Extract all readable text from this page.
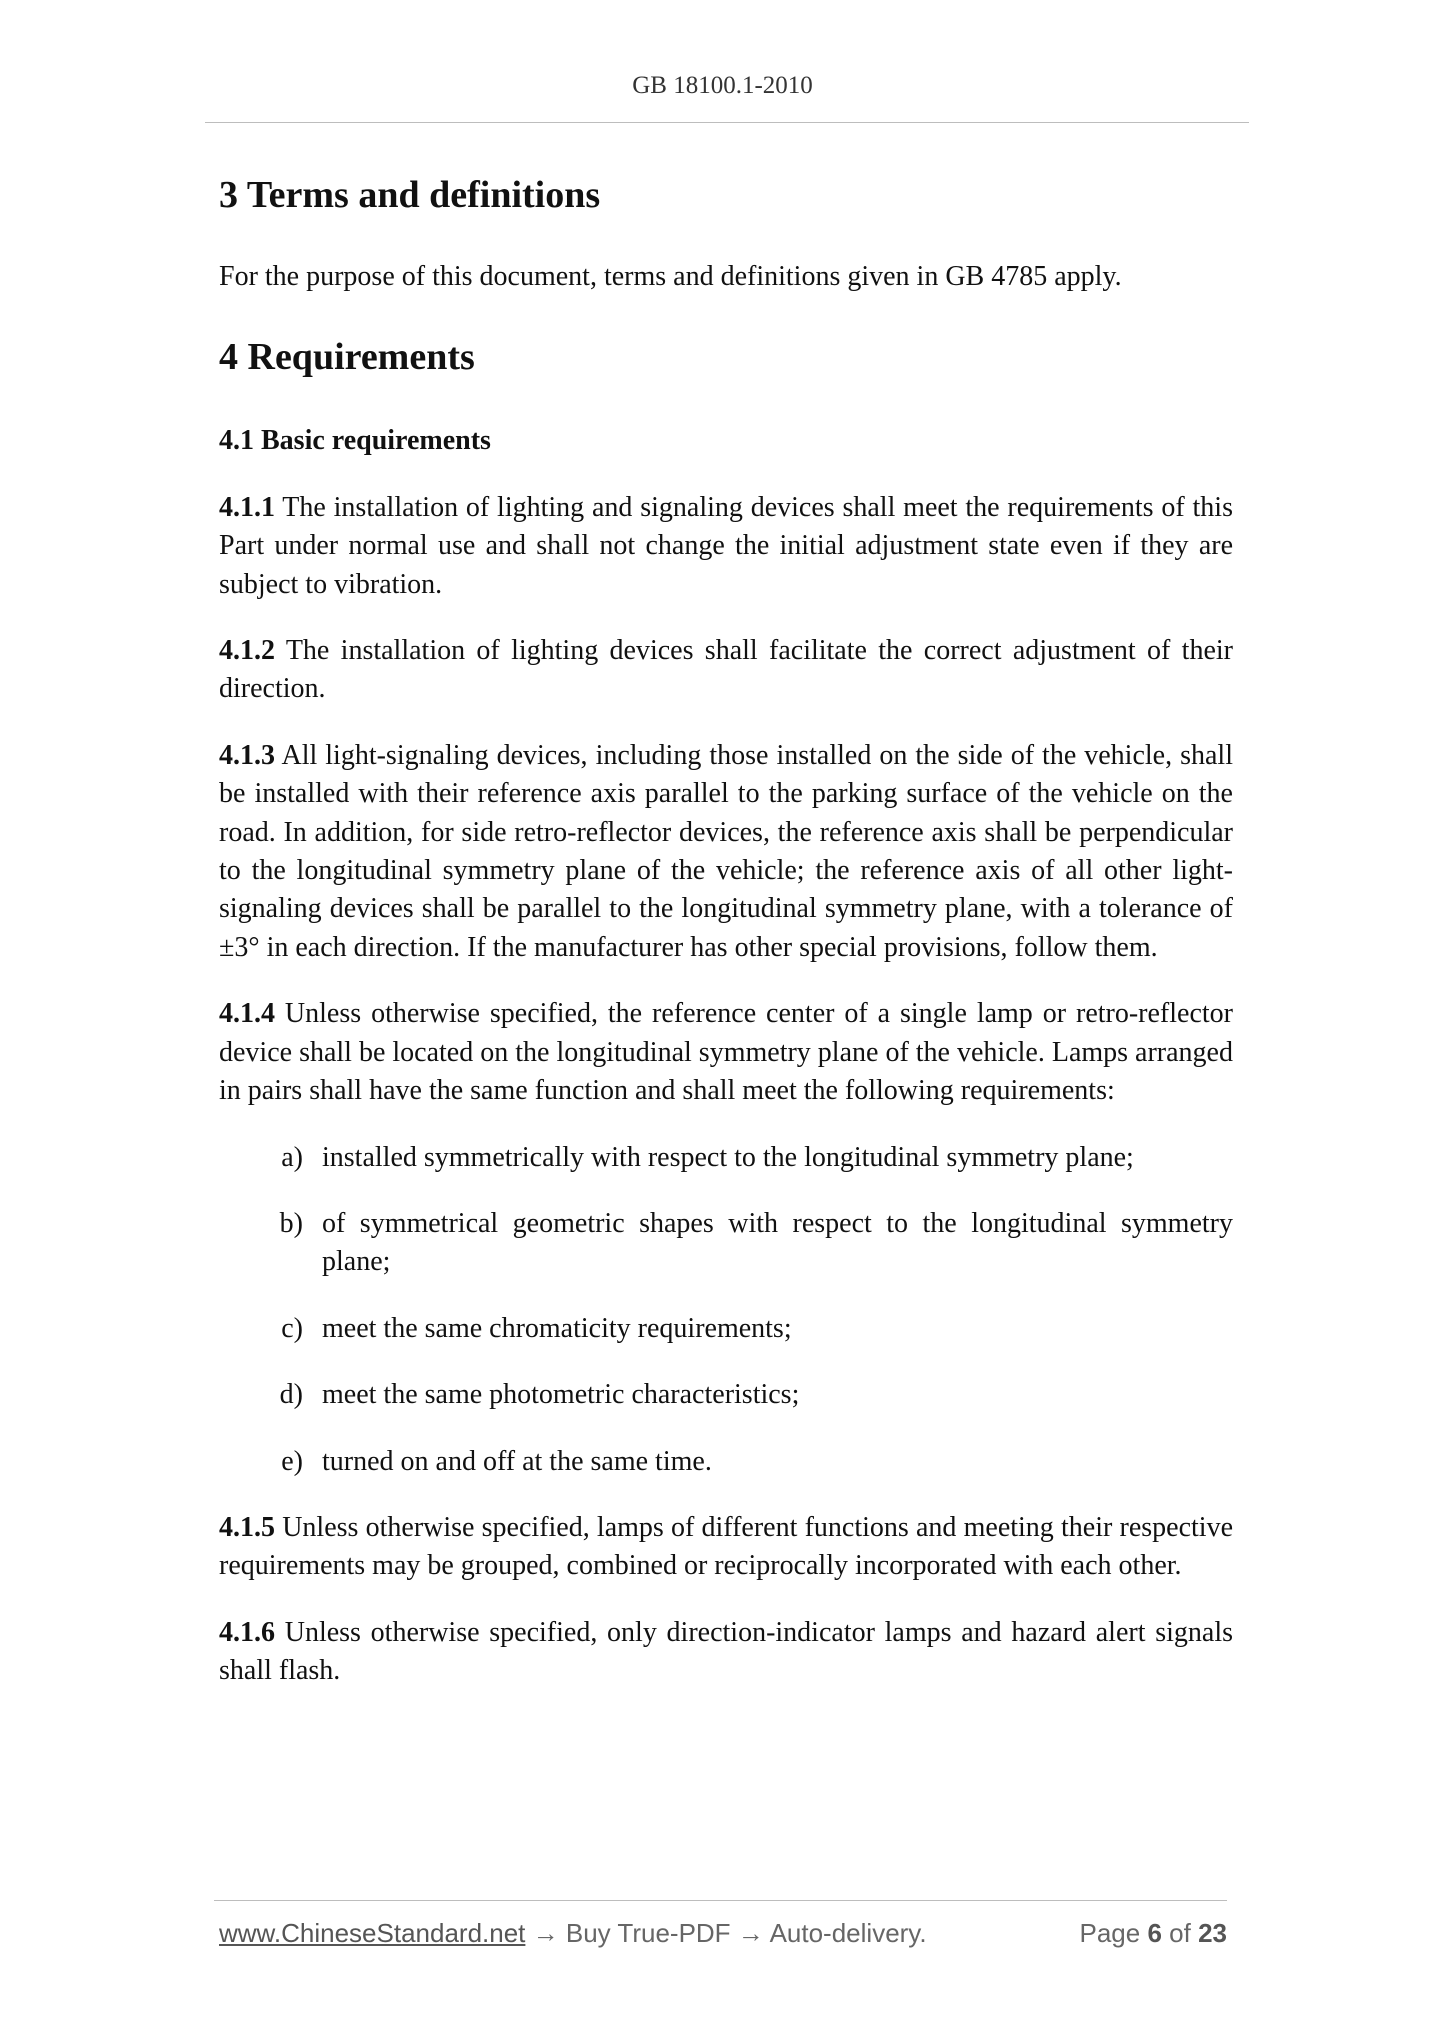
GB 18100.1-2010
3 Terms and definitions

For the purpose of this document, terms and definitions given in GB 4785 apply.

4 Requirements
4.1 Basic requirements

4.1.1 The installation of lighting and signaling devices shall meet the requirements of this Part under normal use and shall not change the initial adjustment state even if they are subject to vibration.

4.1.2 The installation of lighting devices shall facilitate the correct adjustment of their direction.

4.1.3 All light-signaling devices, including those installed on the side of the vehicle, shall be installed with their reference axis parallel to the parking surface of the vehicle on the road. In addition, for side retro-reflector devices, the reference axis shall be perpendicular to the longitudinal symmetry plane of the vehicle; the reference axis of all other light-signaling devices shall be parallel to the longitudinal symmetry plane, with a tolerance of ±3° in each direction. If the manufacturer has other special provisions, follow them.

4.1.4 Unless otherwise specified, the reference center of a single lamp or retro-reflector device shall be located on the longitudinal symmetry plane of the vehicle. Lamps arranged in pairs shall have the same function and shall meet the following requirements:

a) installed symmetrically with respect to the longitudinal symmetry plane;
b) of symmetrical geometric shapes with respect to the longitudinal symmetry plane;
c) meet the same chromaticity requirements;
d) meet the same photometric characteristics;
e) turned on and off at the same time.

4.1.5 Unless otherwise specified, lamps of different functions and meeting their respective requirements may be grouped, combined or reciprocally incorporated with each other.

4.1.6 Unless otherwise specified, only direction-indicator lamps and hazard alert signals shall flash.

www.ChineseStandard.net → Buy True-PDF → Auto-delivery.	Page 6 of 23
